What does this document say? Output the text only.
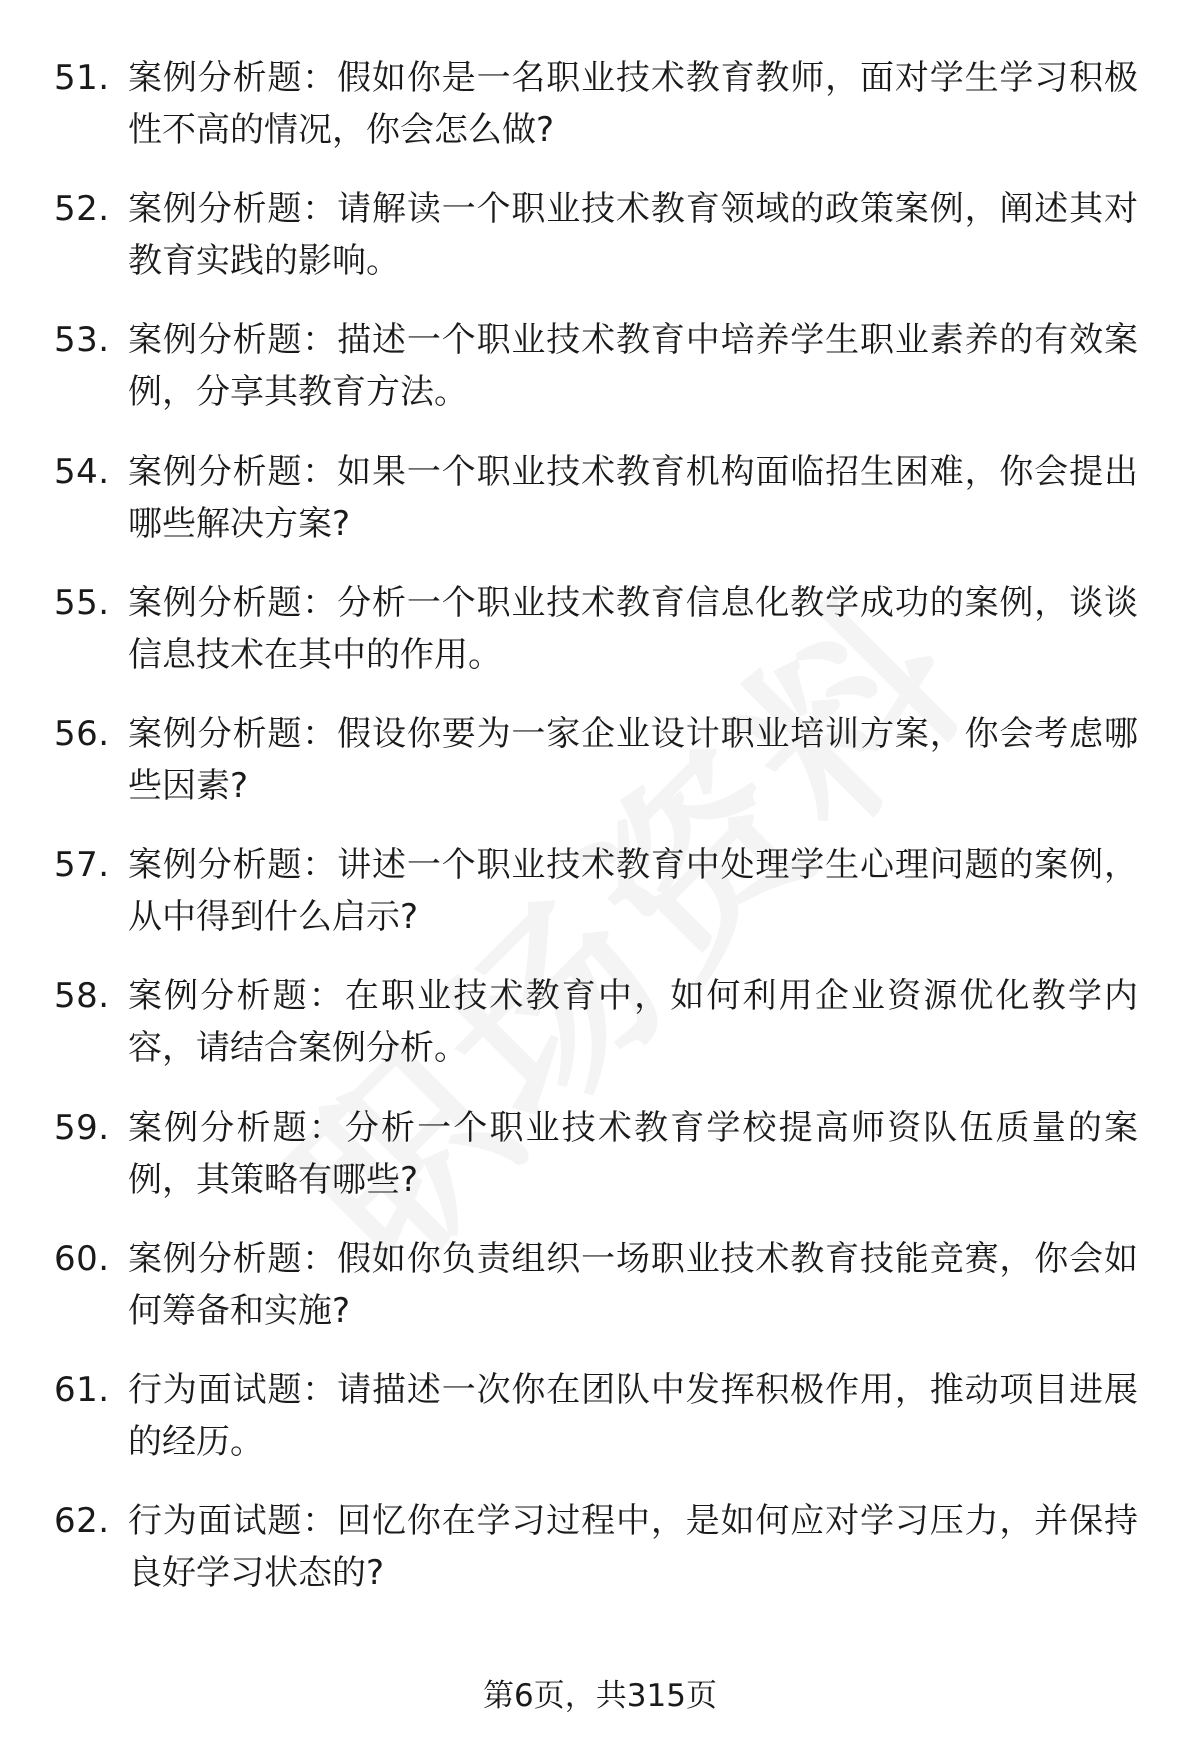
51. 案例分析题：假如你是一名职业技术教育教师，面对学生学习积极性不高的情况，你会怎么做?
52. 案例分析题：请解读一个职业技术教育领域的政策案例，阐述其对教育实践的影响。
53. 案例分析题：描述一个职业技术教育中培养学生职业素养的有效案例，分享其教育方法。
54. 案例分析题：如果一个职业技术教育机构面临招生困难，你会提出哪些解决方案?
55. 案例分析题：分析一个职业技术教育信息化教学成功的案例，谈谈信息技术在其中的作用。
56. 案例分析题：假设你要为一家企业设计职业培训方案，你会考虑哪些因素?
57. 案例分析题：讲述一个职业技术教育中处理学生心理问题的案例，从中得到什么启示?
58. 案例分析题：在职业技术教育中，如何利用企业资源优化教学内容，请结合案例分析。
59. 案例分析题：分析一个职业技术教育学校提高师资队伍质量的案例，其策略有哪些?
60. 案例分析题：假如你负责组织一场职业技术教育技能竞赛，你会如何筹备和实施?
61. 行为面试题：请描述一次你在团队中发挥积极作用，推动项目进展的经历。
62. 行为面试题：回忆你在学习过程中，是如何应对学习压力，并保持良好学习状态的?
第6页，共315页
